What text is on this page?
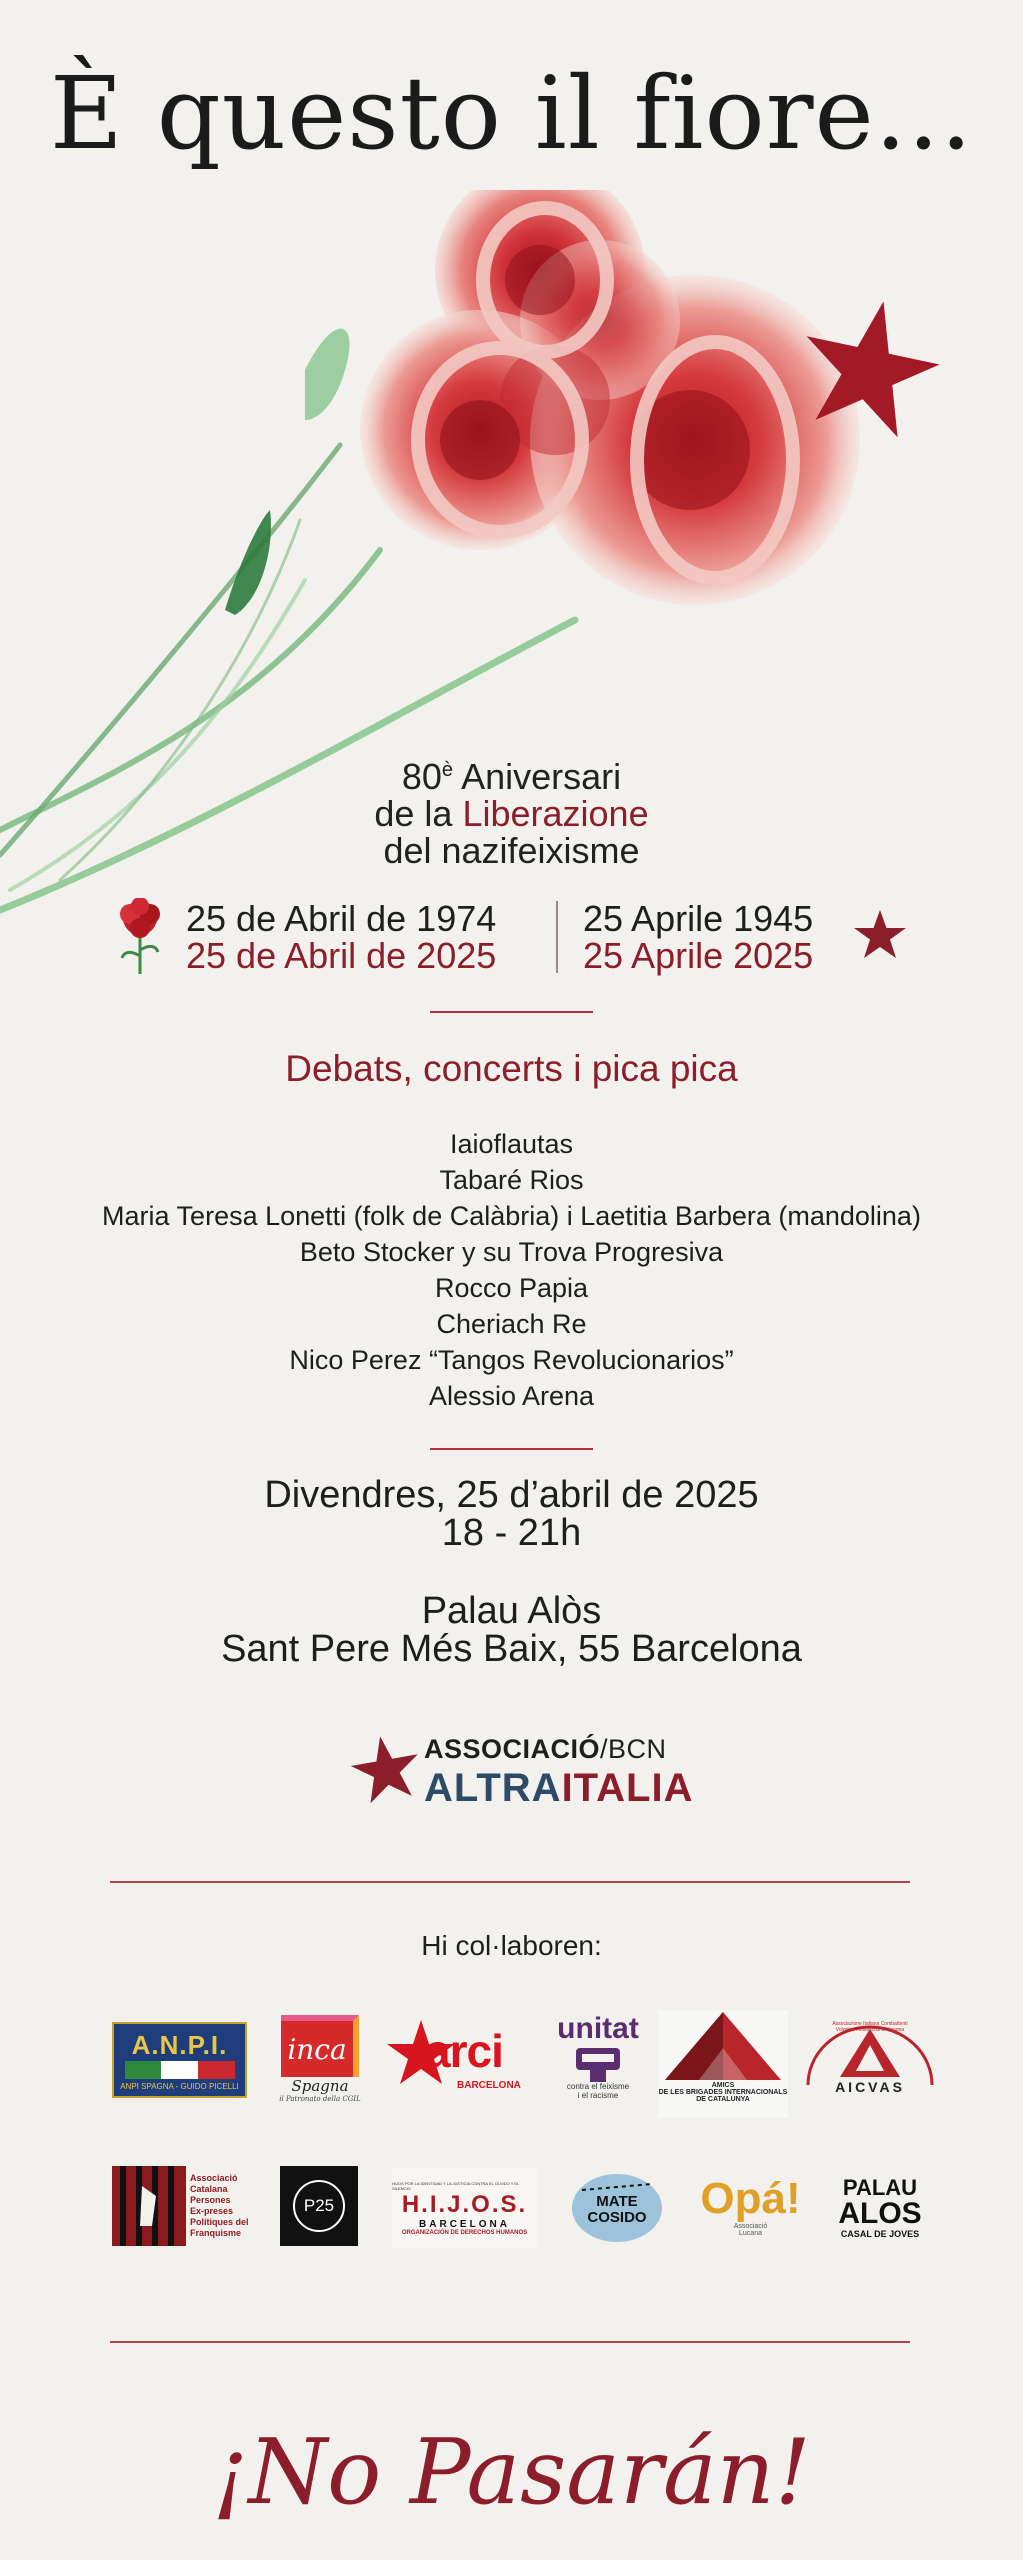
È questo il fiore...
$80^è$ Aniversari
de la Liberazione
del nazifeixisme
25 de Abril de 1974
25 de Abril de 2025
25 Aprile 1945
25 Aprile 2025
Debats, concerts i pica pica
Iaioflautas
Tabaré Rios
Maria Teresa Lonetti (folk de Calàbria) i Laetitia Barbera (mandolina)
Beto Stocker y su Trova Progresiva
Rocco Papia
Cheriach Re
Nico Perez “Tangos Revolucionarios”
Alessio Arena
Divendres, 25 d’abril de 2025
18 - 21h
Palau Alòs
Sant Pere Més Baix, 55 Barcelona
ASSOCIACIÓ/BCN
ALTRAITALIA
Hi col·laboren:
A.N.P.I.
ANPI SPAGNA - GUIDO PICELLI
inca
Spagna
il Patronato della CGIL
arci
BARCELONA
unitat
contra el feixisme
i el racisme
AMICS
DE LES BRIGADES INTERNACIONALS
DE CATALUNYA
Associazione Italiana Combattenti Volontari Antifascisti di Spagna
AICVAS
Associació
Catalana
Persones
Ex-preses
Polítiques del
Franquisme
P25
HIJOS POR LA IDENTIDAD Y LA JUSTICIA CONTRA EL OLVIDO Y EL SILENCIO
H.I.J.O.S.
BARCELONA
ORGANIZACIÓN DE DERECHOS HUMANOS
MATE
COSIDO	Opá!
Associació
Lucana
PALAU
ALOS
CASAL DE JOVES
¡No Pasarán!
